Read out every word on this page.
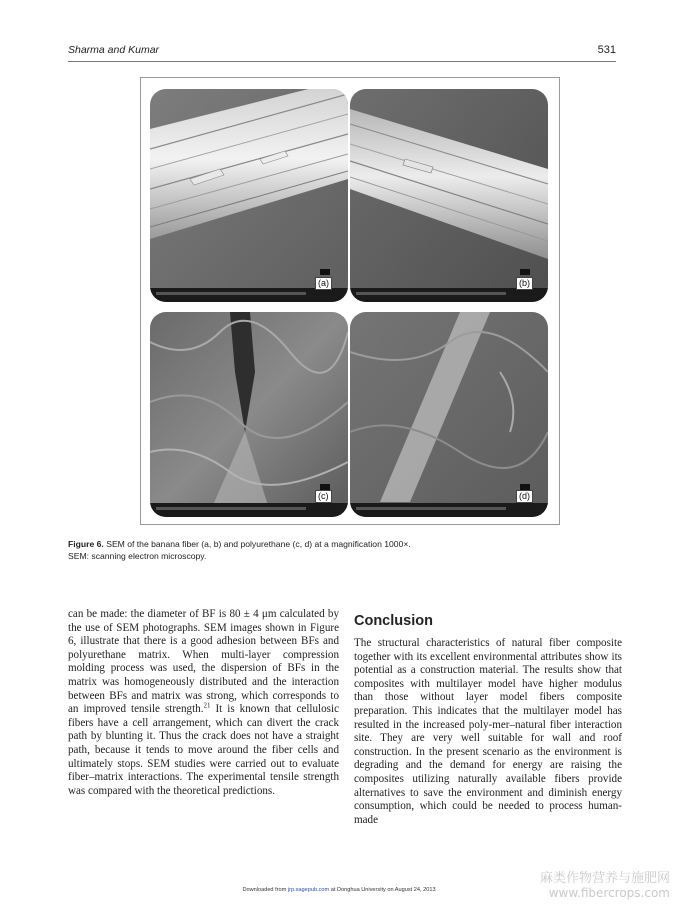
Sharma and Kumar	531
(a)	(b)
(c)	(d)
Figure 6. SEM of the banana fiber (a, b) and polyurethane (c, d) at a magnification 1000×.
SEM: scanning electron microscopy.
can be made: the diameter of BF is 80 ± 4 μm calculated by the use of SEM photographs. SEM images shown in Figure 6, illustrate that there is a good adhesion between BFs and polyurethane matrix. When multi-layer compression molding process was used, the dispersion of BFs in the matrix was homogeneously distributed and the interaction between BFs and matrix was strong, which corresponds to an improved tensile strength.$^{21}$ It is known that cellulosic fibers have a cell arrangement, which can divert the crack path by blunting it. Thus the crack does not have a straight path, because it tends to move around the fiber cells and ultimately stops. SEM studies were carried out to evaluate fiber–matrix interactions. The experimental tensile strength was compared with the theoretical predictions.
Conclusion
The structural characteristics of natural fiber composite together with its excellent environmental attributes show its potential as a construction material. The results show that composites with multilayer model have higher modulus than those without layer model fibers composite preparation. This indicates that the multilayer model has resulted in the increased poly-mer–natural fiber interaction site. They are very well suitable for wall and roof construction. In the present scenario as the environment is degrading and the demand for energy are raising the composites utilizing naturally available fibers provide alternatives to save the environment and diminish energy consumption, which could be needed to process human-made
Downloaded from jrp.sagepub.com at Donghua University on August 24, 2013
麻类作物营养与施肥网
www.fibercrops.com
